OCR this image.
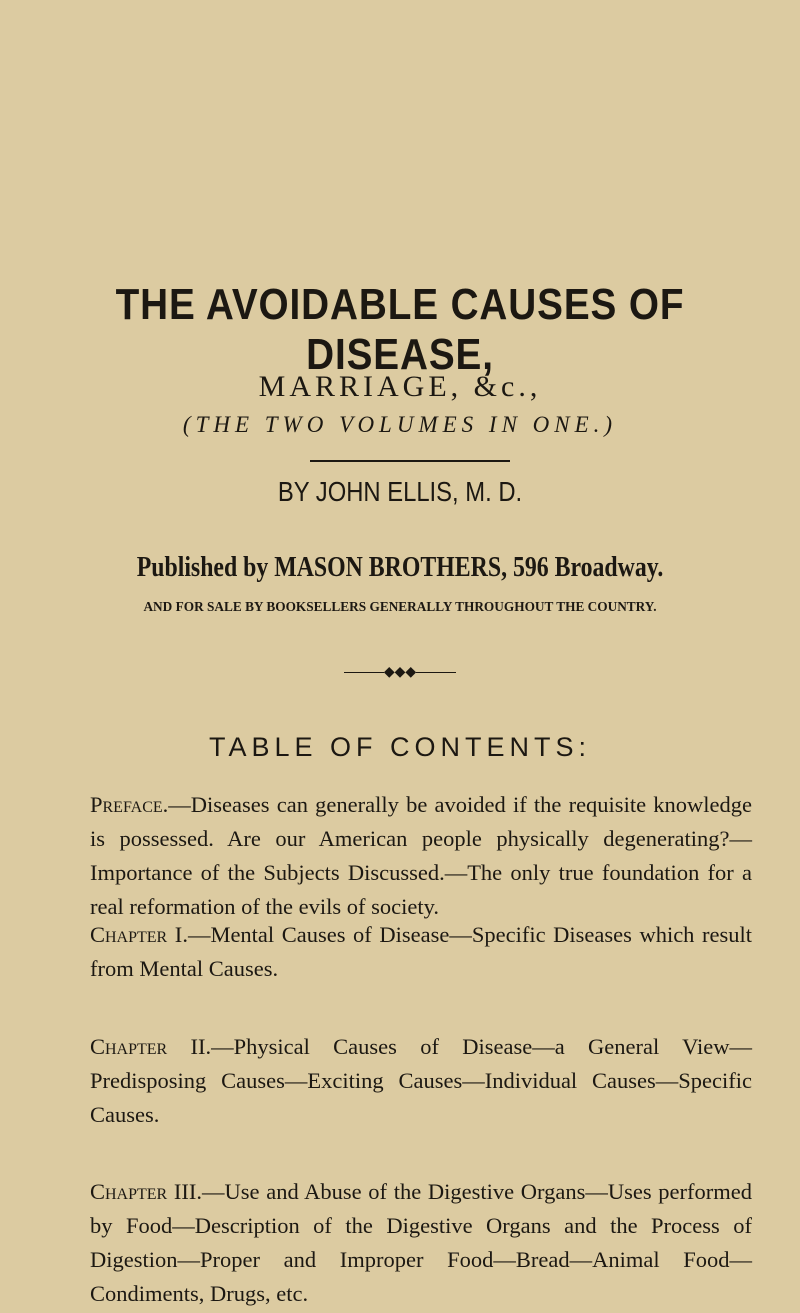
THE AVOIDABLE CAUSES OF DISEASE,
MARRIAGE, &c.,
(THE TWO VOLUMES IN ONE.)
BY JOHN ELLIS, M. D.
Published by MASON BROTHERS, 596 Broadway.
AND FOR SALE BY BOOKSELLERS GENERALLY THROUGHOUT THE COUNTRY.
◆◆◆
TABLE OF CONTENTS:
Preface.—Diseases can generally be avoided if the requisite knowledge is possessed. Are our American people physically degenerating?—Importance of the Subjects Discussed.—The only true foundation for a real reformation of the evils of society.
Chapter I.—Mental Causes of Disease—Specific Diseases which result from Mental Causes.
Chapter II.—Physical Causes of Disease—a General View—Predisposing Causes—Exciting Causes—Individual Causes—Specific Causes.
Chapter III.—Use and Abuse of the Digestive Organs—Uses performed by Food—Description of the Digestive Organs and the Process of Digestion—Proper and Improper Food—Bread—Animal Food—Condiments, Drugs, etc.
